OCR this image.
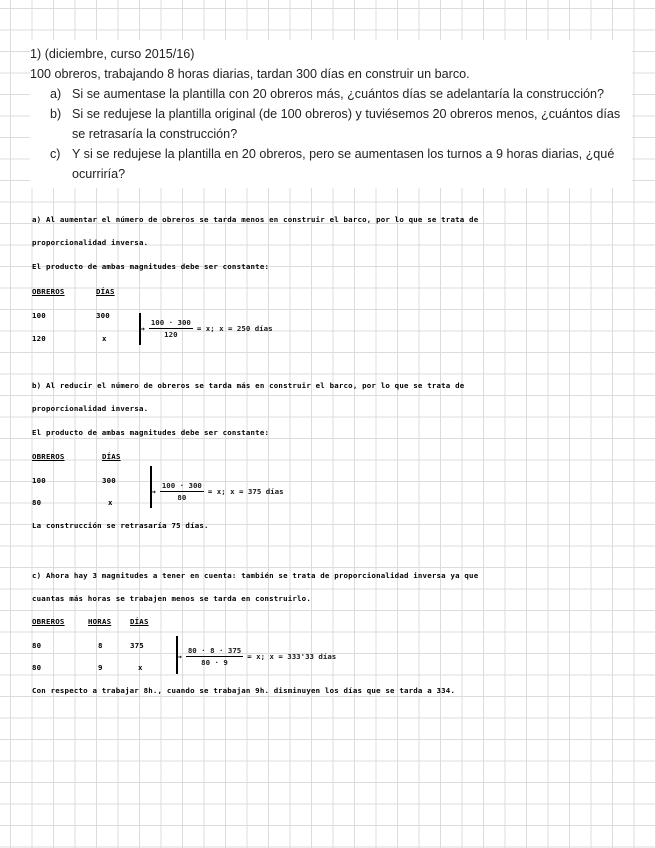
1) (diciembre, curso 2015/16)

100 obreros, trabajando 8 horas diarias, tardan 300 días en construir un barco.

a) Si se aumentase la plantilla con 20 obreros más, ¿cuántos días se adelantaría la construcción?
b) Si se redujese la plantilla original (de 100 obreros) y tuviésemos 20 obreros menos, ¿cuántos días se retrasaría la construcción?
c) Y si se redujese la plantilla en 20 obreros, pero se aumentasen los turnos a 9 horas diarias, ¿qué ocurriría?
a) Al aumentar el número de obreros se tarda menos en construir el barco, por lo que se trata de
proporcionalidad inversa.
El producto de ambas magnitudes debe ser constante:
OBREROS	DÍAS
100	300
120	x
→ $\frac{100 \cdot 300}{120} = x$; x = 250 días
b) Al reducir el número de obreros se tarda más en construir el barco, por lo que se trata de
proporcionalidad inversa.
El producto de ambas magnitudes debe ser constante:
OBREROS	DÍAS
100	300
80	x
→ $\frac{100 \cdot 300}{80} = x$; x = 375 días
La construcción se retrasaría 75 días.
c) Ahora hay 3 magnitudes a tener en cuenta: también se trata de proporcionalidad inversa ya que
cuantas más horas se trabajen menos se tarda en construirlo.
OBREROS	HORAS	DÍAS
80	8	375
80	9	x
→ $\frac{80 \cdot 8 \cdot 375}{80 \cdot 9} = x$; x = 333'33 días
Con respecto a trabajar 8h., cuando se trabajan 9h. disminuyen los días que se tarda a 334.
